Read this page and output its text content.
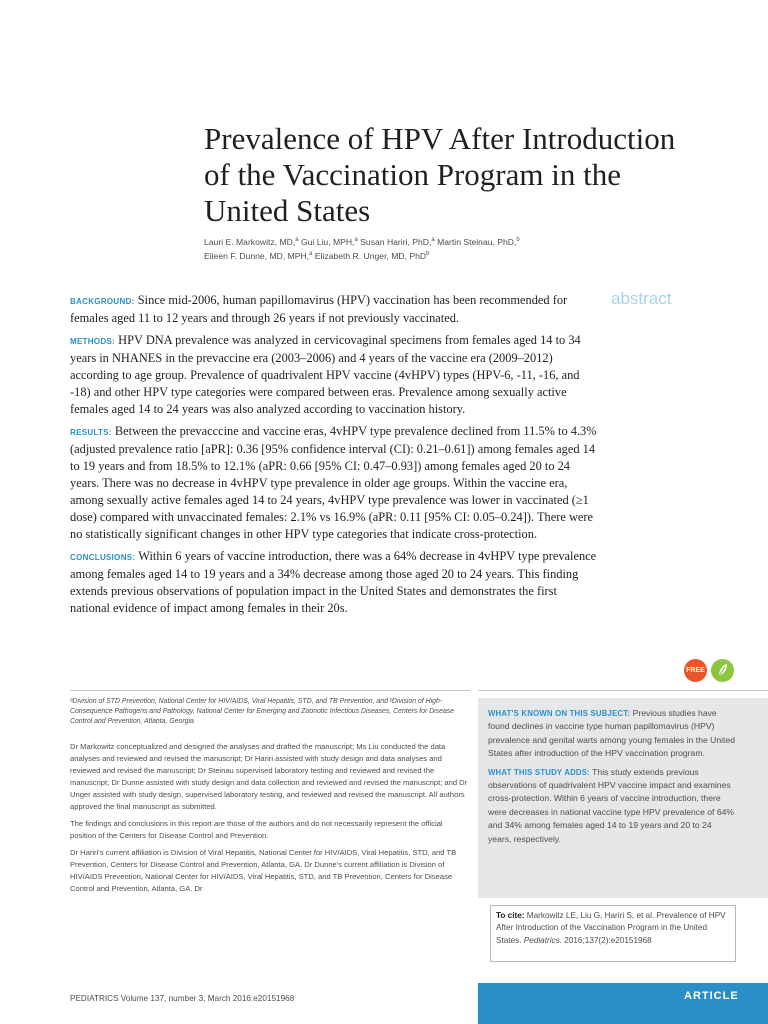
Prevalence of HPV After Introduction of the Vaccination Program in the United States
Lauri E. Markowitz, MD,$^a$ Gui Liu, MPH,$^a$ Susan Hariri, PhD,$^a$ Martin Steinau, PhD,$^b$
Eileen F. Dunne, MD, MPH,$^a$ Elizabeth R. Unger, MD, PhD$^b$
abstract

BACKGROUND: Since mid-2006, human papillomavirus (HPV) vaccination has been recommended for females aged 11 to 12 years and through 26 years if not previously vaccinated.

METHODS: HPV DNA prevalence was analyzed in cervicovaginal specimens from females aged 14 to 34 years in NHANES in the prevaccine era (2003–2006) and 4 years of the vaccine era (2009–2012) according to age group. Prevalence of quadrivalent HPV vaccine (4vHPV) types (HPV-6, -11, -16, and -18) and other HPV type categories were compared between eras. Prevalence among sexually active females aged 14 to 24 years was also analyzed according to vaccination history.

RESULTS: Between the prevacccine and vaccine eras, 4vHPV type prevalence declined from 11.5% to 4.3% (adjusted prevalence ratio [aPR]: 0.36 [95% confidence interval (CI): 0.21–0.61]) among females aged 14 to 19 years and from 18.5% to 12.1% (aPR: 0.66 [95% CI: 0.47–0.93]) among females aged 20 to 24 years. There was no decrease in 4vHPV type prevalence in older age groups. Within the vaccine era, among sexually active females aged 14 to 24 years, 4vHPV type prevalence was lower in vaccinated (≥1 dose) compared with unvaccinated females: 2.1% vs 16.9% (aPR: 0.11 [95% CI: 0.05–0.24]). There were no statistically significant changes in other HPV type categories that indicate cross-protection.

CONCLUSIONS: Within 6 years of vaccine introduction, there was a 64% decrease in 4vHPV type prevalence among females aged 14 to 19 years and a 34% decrease among those aged 20 to 24 years. This finding extends previous observations of population impact in the United States and demonstrates the first national evidence of impact among females in their 20s.

FREE
ᵃDivision of STD Prevention, National Center for HIV/AIDS, Viral Hepatitis, STD, and TB Prevention, and ᵇDivision of High-Consequence Pathogens and Pathology, National Center for Emerging and Zoonotic Infectious Diseases, Centers for Disease Control and Prevention, Atlanta, Georgia

Dr Markowitz conceptualized and designed the analyses and drafted the manuscript; Ms Liu conducted the data analyses and reviewed and revised the manuscript; Dr Hariri assisted with study design and data analyses and reviewed and revised the manuscript; Dr Steinau supervised laboratory testing and reviewed and revised the manuscript; Dr Dunne assisted with study design and data collection and reviewed and revised the manuscript; and Dr Unger assisted with study design, supervised laboratory testing, and reviewed and revised the manuscript. All authors approved the final manuscript as submitted.

The findings and conclusions in this report are those of the authors and do not necessarily represent the official position of the Centers for Disease Control and Prevention.

Dr Hariri's current affiliation is Division of Viral Hepatitis, National Center for HIV/AIDS, Viral Hepatitis, STD, and TB Prevention, Centers for Disease Control and Prevention, Atlanta, GA. Dr Dunne's current affiliation is Division of HIV/AIDS Prevention, National Center for HIV/AIDS, Viral Hepatitis, STD, and TB Prevention, Centers for Disease Control and Prevention, Atlanta, GA. Dr

WHAT'S KNOWN ON THIS SUBJECT: Previous studies have found declines in vaccine type human papillomavirus (HPV) prevalence and genital warts among young females in the United States after introduction of the HPV vaccination program.

WHAT THIS STUDY ADDS: This study extends previous observations of quadrivalent HPV vaccine impact and examines cross-protection. Within 6 years of vaccine introduction, there were decreases in national vaccine type HPV prevalence of 64% and 34% among females aged 14 to 19 years and 20 to 24 years, respectively.

To cite: Markowitz LE, Liu G, Hariri S, et al. Prevalence of HPV After Introduction of the Vaccination Program in the United States. Pediatrics. 2016;137(2):e20151968
PEDIATRICS Volume 137, number 3, March 2016:e20151968	ARTICLE
